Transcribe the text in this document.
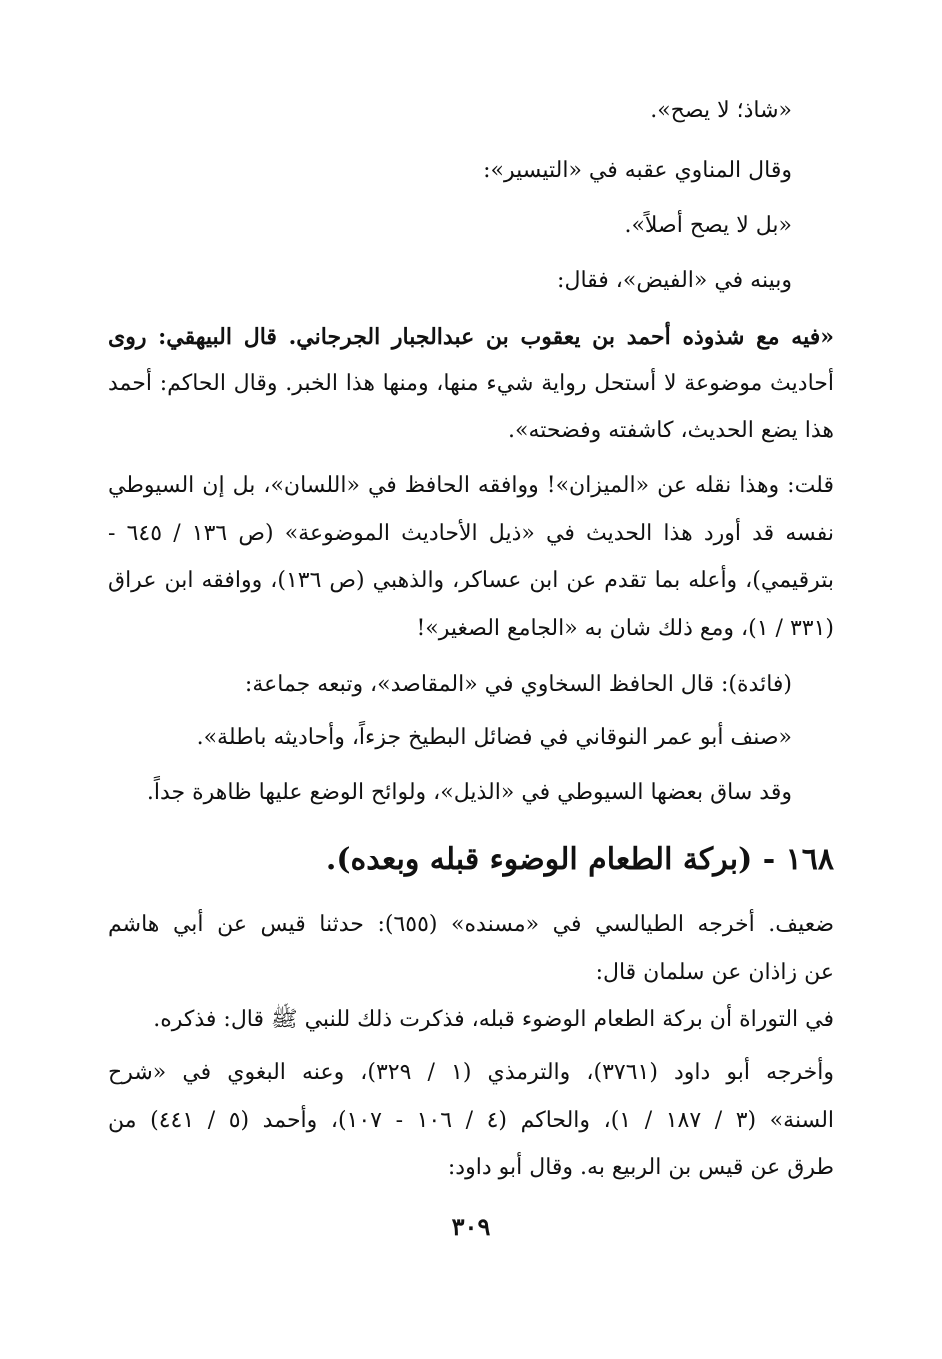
«شاذ؛ لا يصح».
وقال المناوي عقبه في «التيسير»:
«بل لا يصح أصلاً».
وبينه في «الفيض»، فقال:
«فيه مع شذوذه أحمد بن يعقوب بن عبدالجبار الجرجاني. قال البيهقي: روى
أحاديث موضوعة لا أستحل رواية شيء منها، ومنها هذا الخبر. وقال الحاكم: أحمد
هذا يضع الحديث، كاشفته وفضحته».
قلت: وهذا نقله عن «الميزان»! ووافقه الحافظ في «اللسان»، بل إن السيوطي
نفسه قد أورد هذا الحديث في «ذيل الأحاديث الموضوعة» (ص ١٣٦ / ٦٤٥ -
بترقيمي)، وأعله بما تقدم عن ابن عساكر، والذهبي (ص ١٣٦)، ووافقه ابن عراق
(٣٣١ / ١)، ومع ذلك شان به «الجامع الصغير»!
(فائدة): قال الحافظ السخاوي في «المقاصد»، وتبعه جماعة:
«صنف أبو عمر النوقاني في فضائل البطيخ جزءاً، وأحاديثه باطلة».
وقد ساق بعضها السيوطي في «الذيل»، ولوائح الوضع عليها ظاهرة جداً.
١٦٨ - (بركة الطعام الوضوء قبله وبعده).
ضعيف. أخرجه الطيالسي في «مسنده» (٦٥٥): حدثنا قيس عن أبي هاشم
عن زاذان عن سلمان قال:
في التوراة أن بركة الطعام الوضوء قبله، فذكرت ذلك للنبي ﷺ قال: فذكره.
وأخرجه أبو داود (٣٧٦١)، والترمذي (١ / ٣٢٩)، وعنه البغوي في «شرح
السنة» (٣ / ١٨٧ / ١)، والحاكم (٤ / ١٠٦ - ١٠٧)، وأحمد (٥ / ٤٤١) من
طرق عن قيس بن الربيع به. وقال أبو داود:
٣٠٩
